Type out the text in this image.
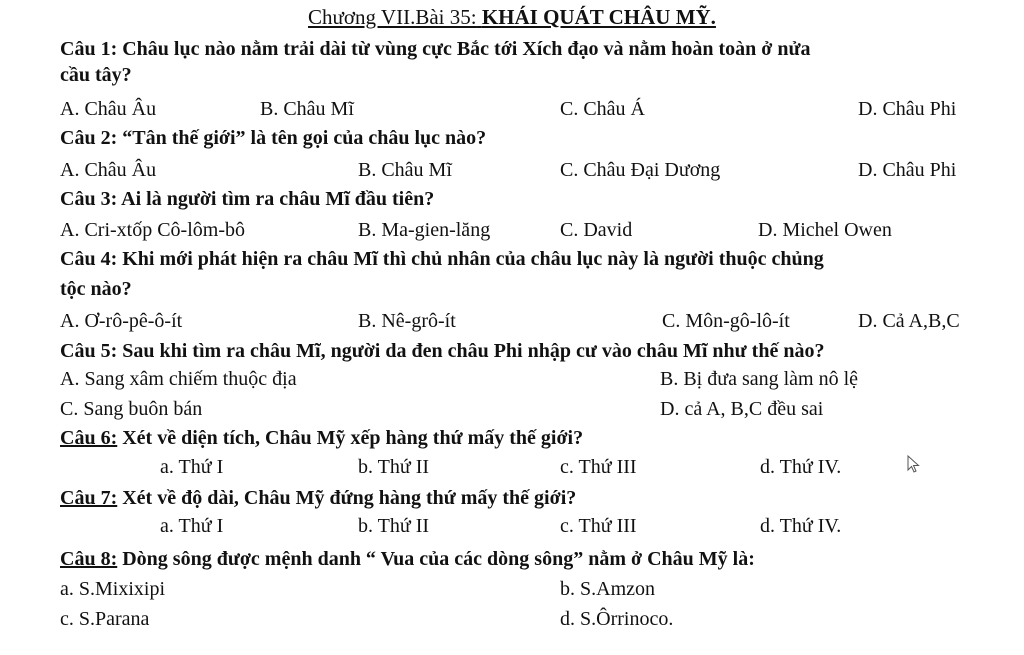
Chương VII.Bài 35: KHÁI QUÁT CHÂU MỸ.
Câu 1: Châu lục nào nằm trải dài từ vùng cực Bắc tới Xích đạo và nằm hoàn toàn ở nửa
cầu tây?
A. Châu Âu	B. Châu Mĩ	C. Châu Á	D. Châu Phi
Câu 2: “Tân thế giới” là tên gọi của châu lục nào?
A. Châu Âu	B. Châu Mĩ	C. Châu Đại Dương	D. Châu Phi
Câu 3: Ai là người tìm ra châu Mĩ đầu tiên?
A. Cri-xtốp Cô-lôm-bô	B. Ma-gien-lăng	C. David	D. Michel Owen
Câu 4: Khi mới phát hiện ra châu Mĩ thì chủ nhân của châu lục này là người thuộc chủng
tộc nào?
A. Ơ-rô-pê-ô-ít	B. Nê-grô-ít	C. Môn-gô-lô-ít	D. Cả A,B,C
Câu 5: Sau khi tìm ra châu Mĩ, người da đen châu Phi nhập cư vào châu Mĩ như thế nào?
A. Sang xâm chiếm thuộc địa	B. Bị đưa sang làm nô lệ
C. Sang buôn bán	D. cả A, B,C đều sai
Câu 6: Xét về diện tích, Châu Mỹ xếp hàng thứ mấy thế giới?
a. Thứ I	b. Thứ II	c. Thứ III	d. Thứ IV.
Câu 7: Xét về độ dài, Châu Mỹ đứng hàng thứ mấy thế giới?
a. Thứ I	b. Thứ II	c. Thứ III	d. Thứ IV.
Câu 8: Dòng sông được mệnh danh “ Vua của các dòng sông” nằm ở Châu Mỹ là:
a. S.Mixixipi	b. S.Amzon
c. S.Parana	d. S.Ôrrinoco.
